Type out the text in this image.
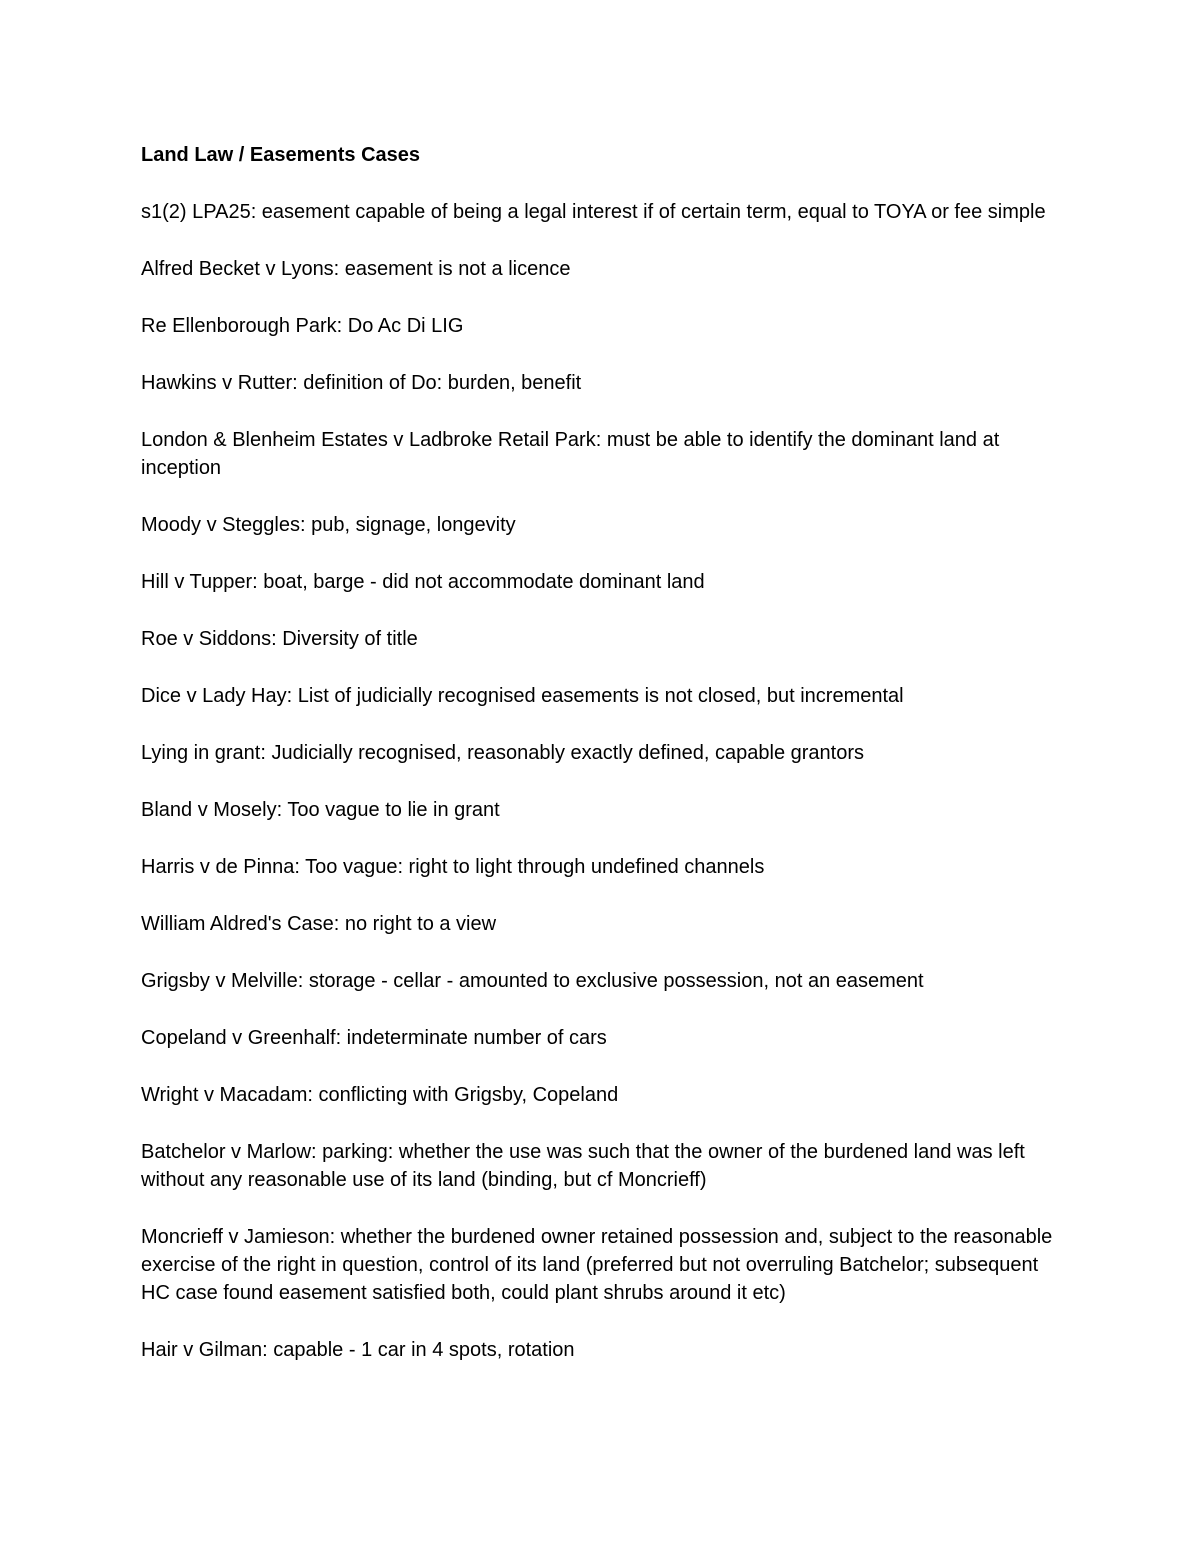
Land Law / Easements Cases

s1(2) LPA25: easement capable of being a legal interest if of certain term, equal to TOYA or fee simple

Alfred Becket v Lyons: easement is not a licence

Re Ellenborough Park: Do Ac Di LIG

Hawkins v Rutter: definition of Do: burden, benefit

London & Blenheim Estates v Ladbroke Retail Park: must be able to identify the dominant land at inception

Moody v Steggles: pub, signage, longevity

Hill v Tupper: boat, barge - did not accommodate dominant land

Roe v Siddons: Diversity of title

Dice v Lady Hay: List of judicially recognised easements is not closed, but incremental

Lying in grant: Judicially recognised, reasonably exactly defined, capable grantors

Bland v Mosely: Too vague to lie in grant

Harris v de Pinna: Too vague: right to light through undefined channels

William Aldred's Case: no right to a view

Grigsby v Melville: storage - cellar - amounted to exclusive possession, not an easement

Copeland v Greenhalf: indeterminate number of cars

Wright v Macadam: conflicting with Grigsby, Copeland

Batchelor v Marlow: parking: whether the use was such that the owner of the burdened land was left without any reasonable use of its land (binding, but cf Moncrieff)

Moncrieff v Jamieson: whether the burdened owner retained possession and, subject to the reasonable exercise of the right in question, control of its land (preferred but not overruling Batchelor; subsequent HC case found easement satisfied both, could plant shrubs around it etc)

Hair v Gilman: capable - 1 car in 4 spots, rotation
